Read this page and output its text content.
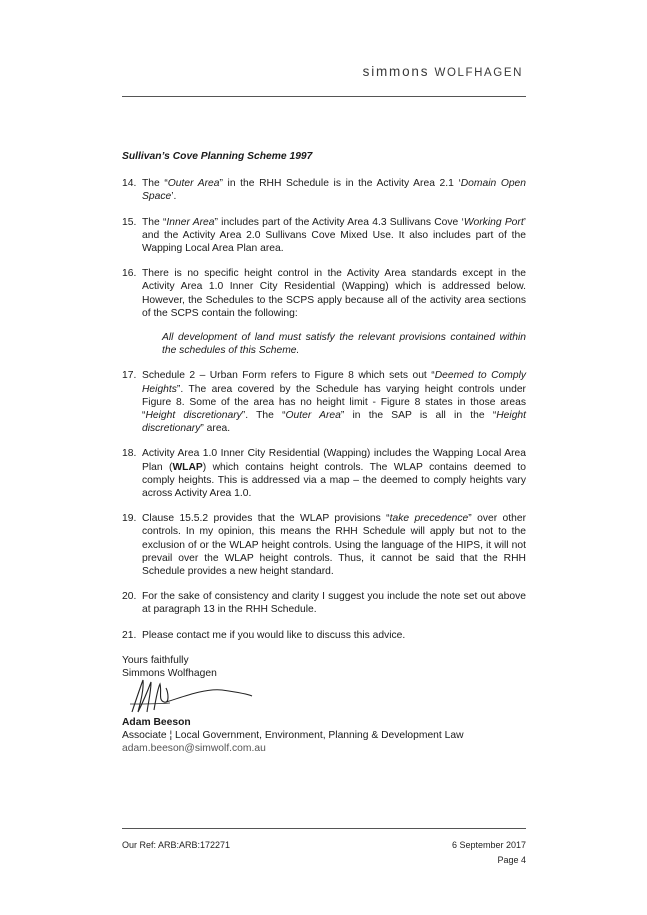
simmons WOLFHAGEN
Sullivan’s Cove Planning Scheme 1997
14. The “Outer Area” in the RHH Schedule is in the Activity Area 2.1 ‘Domain Open Space’.
15. The “Inner Area” includes part of the Activity Area 4.3 Sullivans Cove ‘Working Port’ and the Activity Area 2.0 Sullivans Cove Mixed Use. It also includes part of the Wapping Local Area Plan area.
16. There is no specific height control in the Activity Area standards except in the Activity Area 1.0 Inner City Residential (Wapping) which is addressed below. However, the Schedules to the SCPS apply because all of the activity area sections of the SCPS contain the following:
All development of land must satisfy the relevant provisions contained within the schedules of this Scheme.
17. Schedule 2 – Urban Form refers to Figure 8 which sets out “Deemed to Comply Heights”. The area covered by the Schedule has varying height controls under Figure 8. Some of the area has no height limit - Figure 8 states in those areas “Height discretionary”. The “Outer Area” in the SAP is all in the “Height discretionary” area.
18. Activity Area 1.0 Inner City Residential (Wapping) includes the Wapping Local Area Plan (WLAP) which contains height controls. The WLAP contains deemed to comply heights. This is addressed via a map – the deemed to comply heights vary across Activity Area 1.0.
19. Clause 15.5.2 provides that the WLAP provisions “take precedence” over other controls. In my opinion, this means the RHH Schedule will apply but not to the exclusion of or the WLAP height controls. Using the language of the HIPS, it will not prevail over the WLAP height controls. Thus, it cannot be said that the RHH Schedule provides a new height standard.
20. For the sake of consistency and clarity I suggest you include the note set out above at paragraph 13 in the RHH Schedule.
21. Please contact me if you would like to discuss this advice.
Yours faithfully
Simmons Wolfhagen
Adam Beeson
Associate ¦ Local Government, Environment, Planning & Development Law
adam.beeson@simwolf.com.au
Our Ref: ARB:ARB:172271	6 September 2017
Page 4
